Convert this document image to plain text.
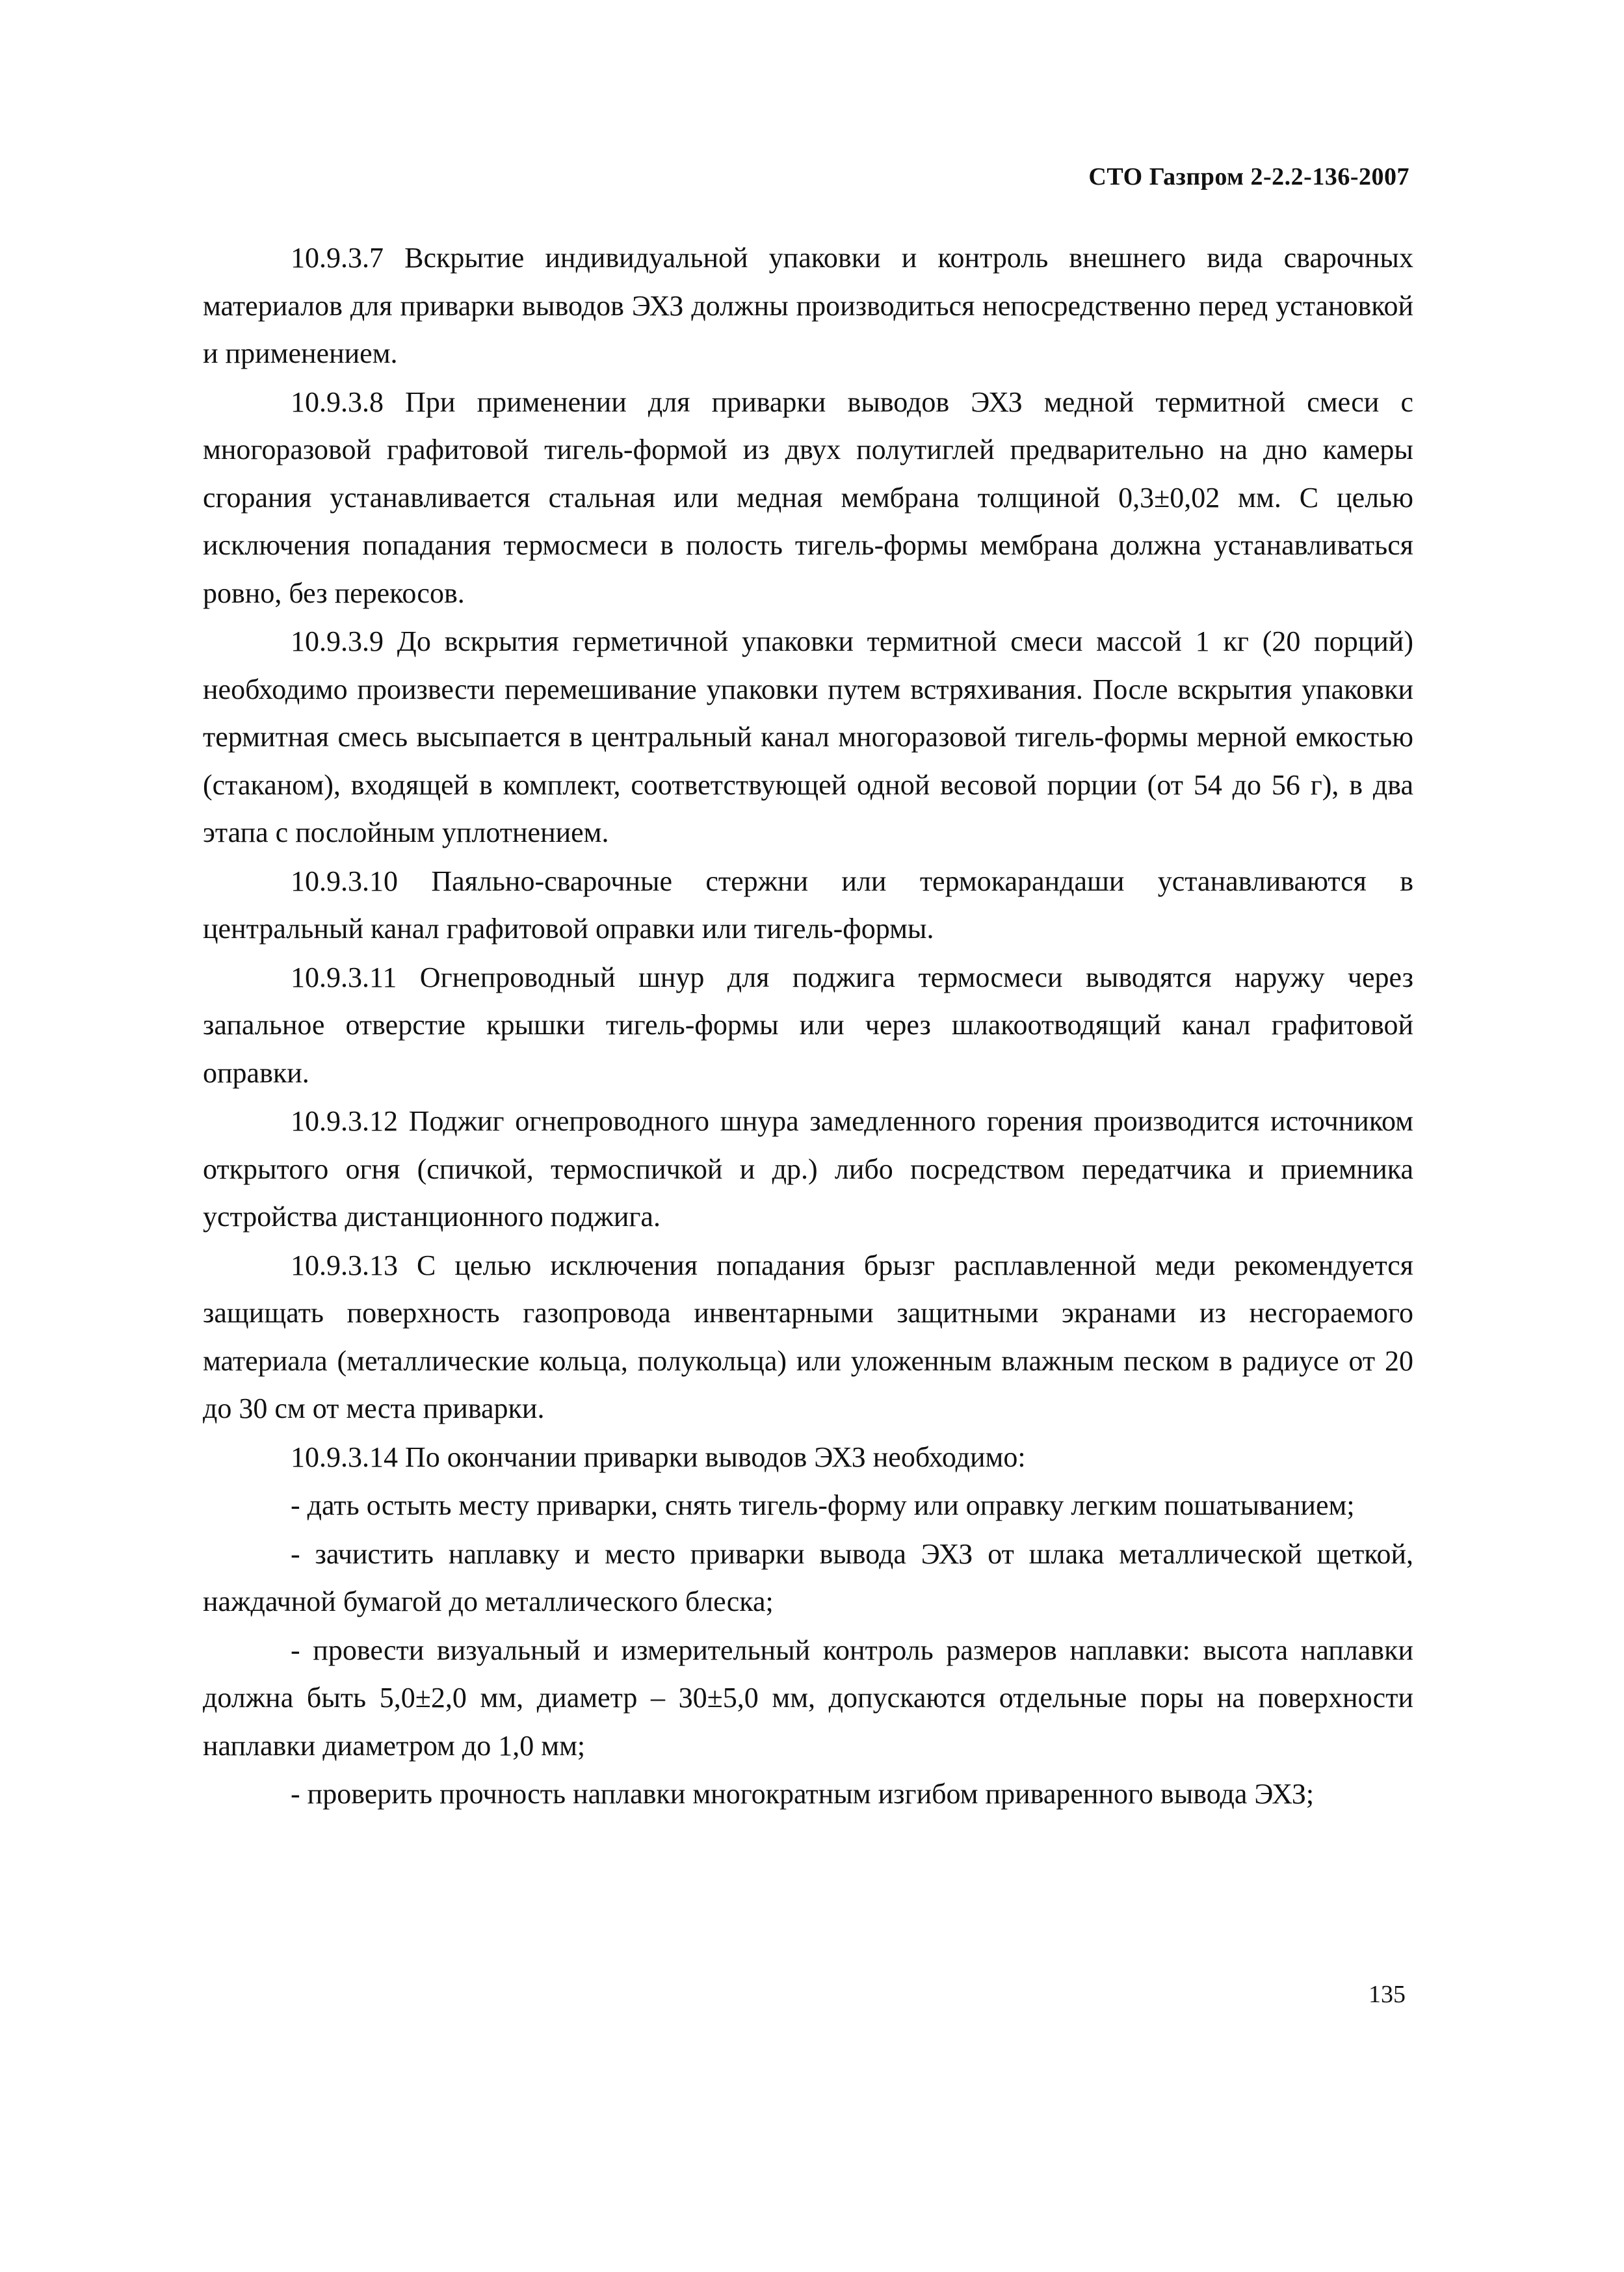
СТО Газпром 2-2.2-136-2007

10.9.3.7 Вскрытие индивидуальной упаковки и контроль внешнего вида сварочных материалов для приварки выводов ЭХЗ должны производиться непосредственно перед установкой и применением.

10.9.3.8 При применении для приварки выводов ЭХЗ медной термитной смеси с многоразовой графитовой тигель-формой из двух полутиглей предварительно на дно камеры сгорания устанавливается стальная или медная мембрана толщиной 0,3±0,02 мм. С целью исключения попадания термосмеси в полость тигель-формы мембрана должна устанавливаться ровно, без перекосов.

10.9.3.9 До вскрытия герметичной упаковки термитной смеси массой 1 кг (20 порций) необходимо произвести перемешивание упаковки путем встряхивания. После вскрытия упаковки термитная смесь высыпается в центральный канал многоразовой тигель-формы мерной емкостью (стаканом), входящей в комплект, соответствующей одной весовой порции (от 54 до 56 г), в два этапа с послойным уплотнением.

10.9.3.10 Паяльно-сварочные стержни или термокарандаши устанавливаются в центральный канал графитовой оправки или тигель-формы.

10.9.3.11 Огнепроводный шнур для поджига термосмеси выводятся наружу через запальное отверстие крышки тигель-формы или через шлакоотводящий канал графитовой оправки.

10.9.3.12 Поджиг огнепроводного шнура замедленного горения производится источником открытого огня (спичкой, термоспичкой и др.) либо посредством передатчика и приемника устройства дистанционного поджига.

10.9.3.13 С целью исключения попадания брызг расплавленной меди рекомендуется защищать поверхность газопровода инвентарными защитными экранами из несгораемого материала (металлические кольца, полукольца) или уложенным влажным песком в радиусе от 20 до 30 см от места приварки.

10.9.3.14 По окончании приварки выводов ЭХЗ необходимо:

- дать остыть месту приварки, снять тигель-форму или оправку легким пошатыванием;

- зачистить наплавку и место приварки вывода ЭХЗ от шлака металлической щеткой, наждачной бумагой до металлического блеска;

- провести визуальный и измерительный контроль размеров наплавки: высота наплавки должна быть 5,0±2,0 мм, диаметр – 30±5,0 мм, допускаются отдельные поры на поверхности наплавки диаметром до 1,0 мм;

- проверить прочность наплавки многократным изгибом приваренного вывода ЭХЗ;

135
